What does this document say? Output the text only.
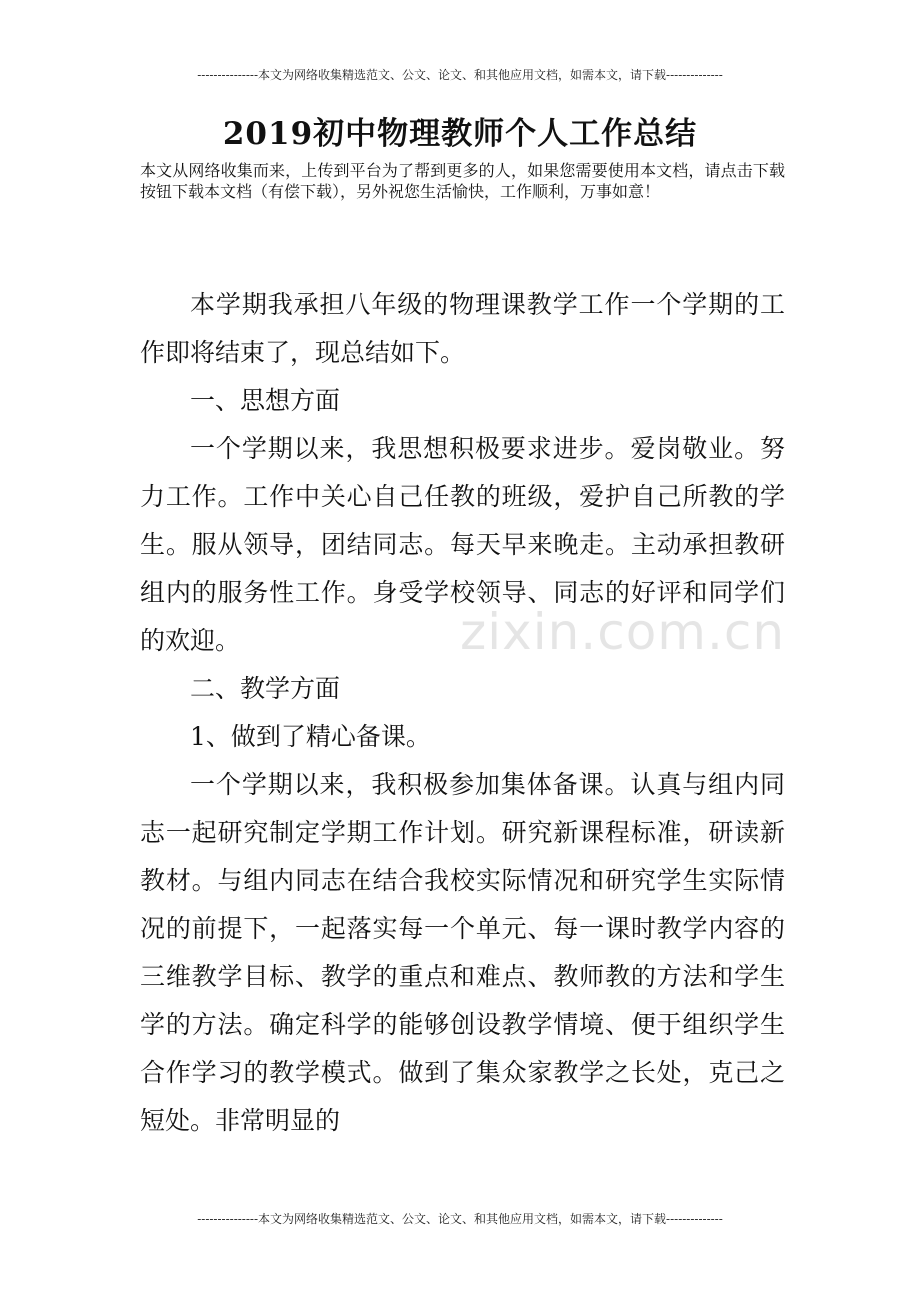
---------------本文为网络收集精选范文、公文、论文、和其他应用文档，如需本文，请下载--------------
2019初中物理教师个人工作总结
本文从网络收集而来，上传到平台为了帮到更多的人，如果您需要使用本文档，请点击下载按钮下载本文档（有偿下载），另外祝您生活愉快，工作顺利，万事如意！

本学期我承担八年级的物理课教学工作一个学期的工作即将结束了，现总结如下。

一、思想方面

一个学期以来，我思想积极要求进步。爱岗敬业。努力工作。工作中关心自己任教的班级，爱护自己所教的学生。服从领导，团结同志。每天早来晚走。主动承担教研组内的服务性工作。身受学校领导、同志的好评和同学们的欢迎。

二、教学方面

1、做到了精心备课。

一个学期以来，我积极参加集体备课。认真与组内同志一起研究制定学期工作计划。研究新课程标准，研读新教材。与组内同志在结合我校实际情况和研究学生实际情况的前提下，一起落实每一个单元、每一课时教学内容的三维教学目标、教学的重点和难点、教师教的方法和学生学的方法。确定科学的能够创设教学情境、便于组织学生合作学习的教学模式。做到了集众家教学之长处，克己之短处。非常明显的

zixin.com.cn
---------------本文为网络收集精选范文、公文、论文、和其他应用文档，如需本文，请下载--------------
